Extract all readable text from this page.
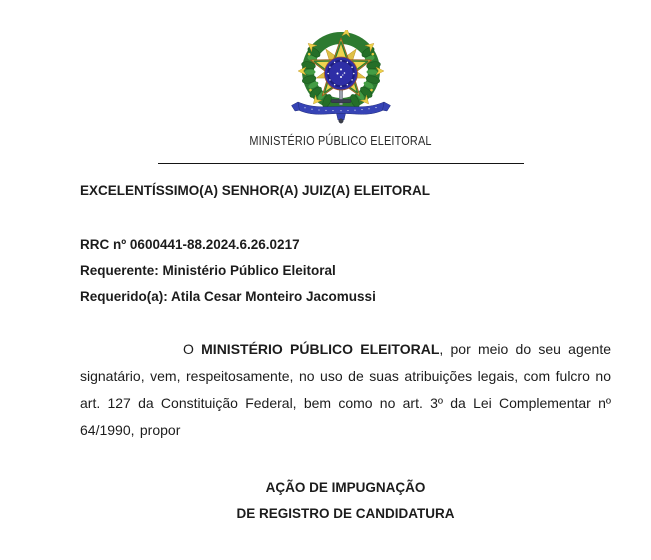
MINISTÉRIO PÚBLICO ELEITORAL

EXCELENTÍSSIMO(A) SENHOR(A) JUIZ(A) ELEITORAL

RRC nº 0600441-88.2024.6.26.0217

Requerente: Ministério Público Eleitoral

Requerido(a): Atila Cesar Monteiro Jacomussi

O MINISTÉRIO PÚBLICO ELEITORAL, por meio do seu agente signatário, vem, respeitosamente, no uso de suas atribuições legais, com fulcro no art. 127 da Constituição Federal, bem como no art. 3º da Lei Complementar nº 64/1990, propor

AÇÃO DE IMPUGNAÇÃO
DE REGISTRO DE CANDIDATURA
